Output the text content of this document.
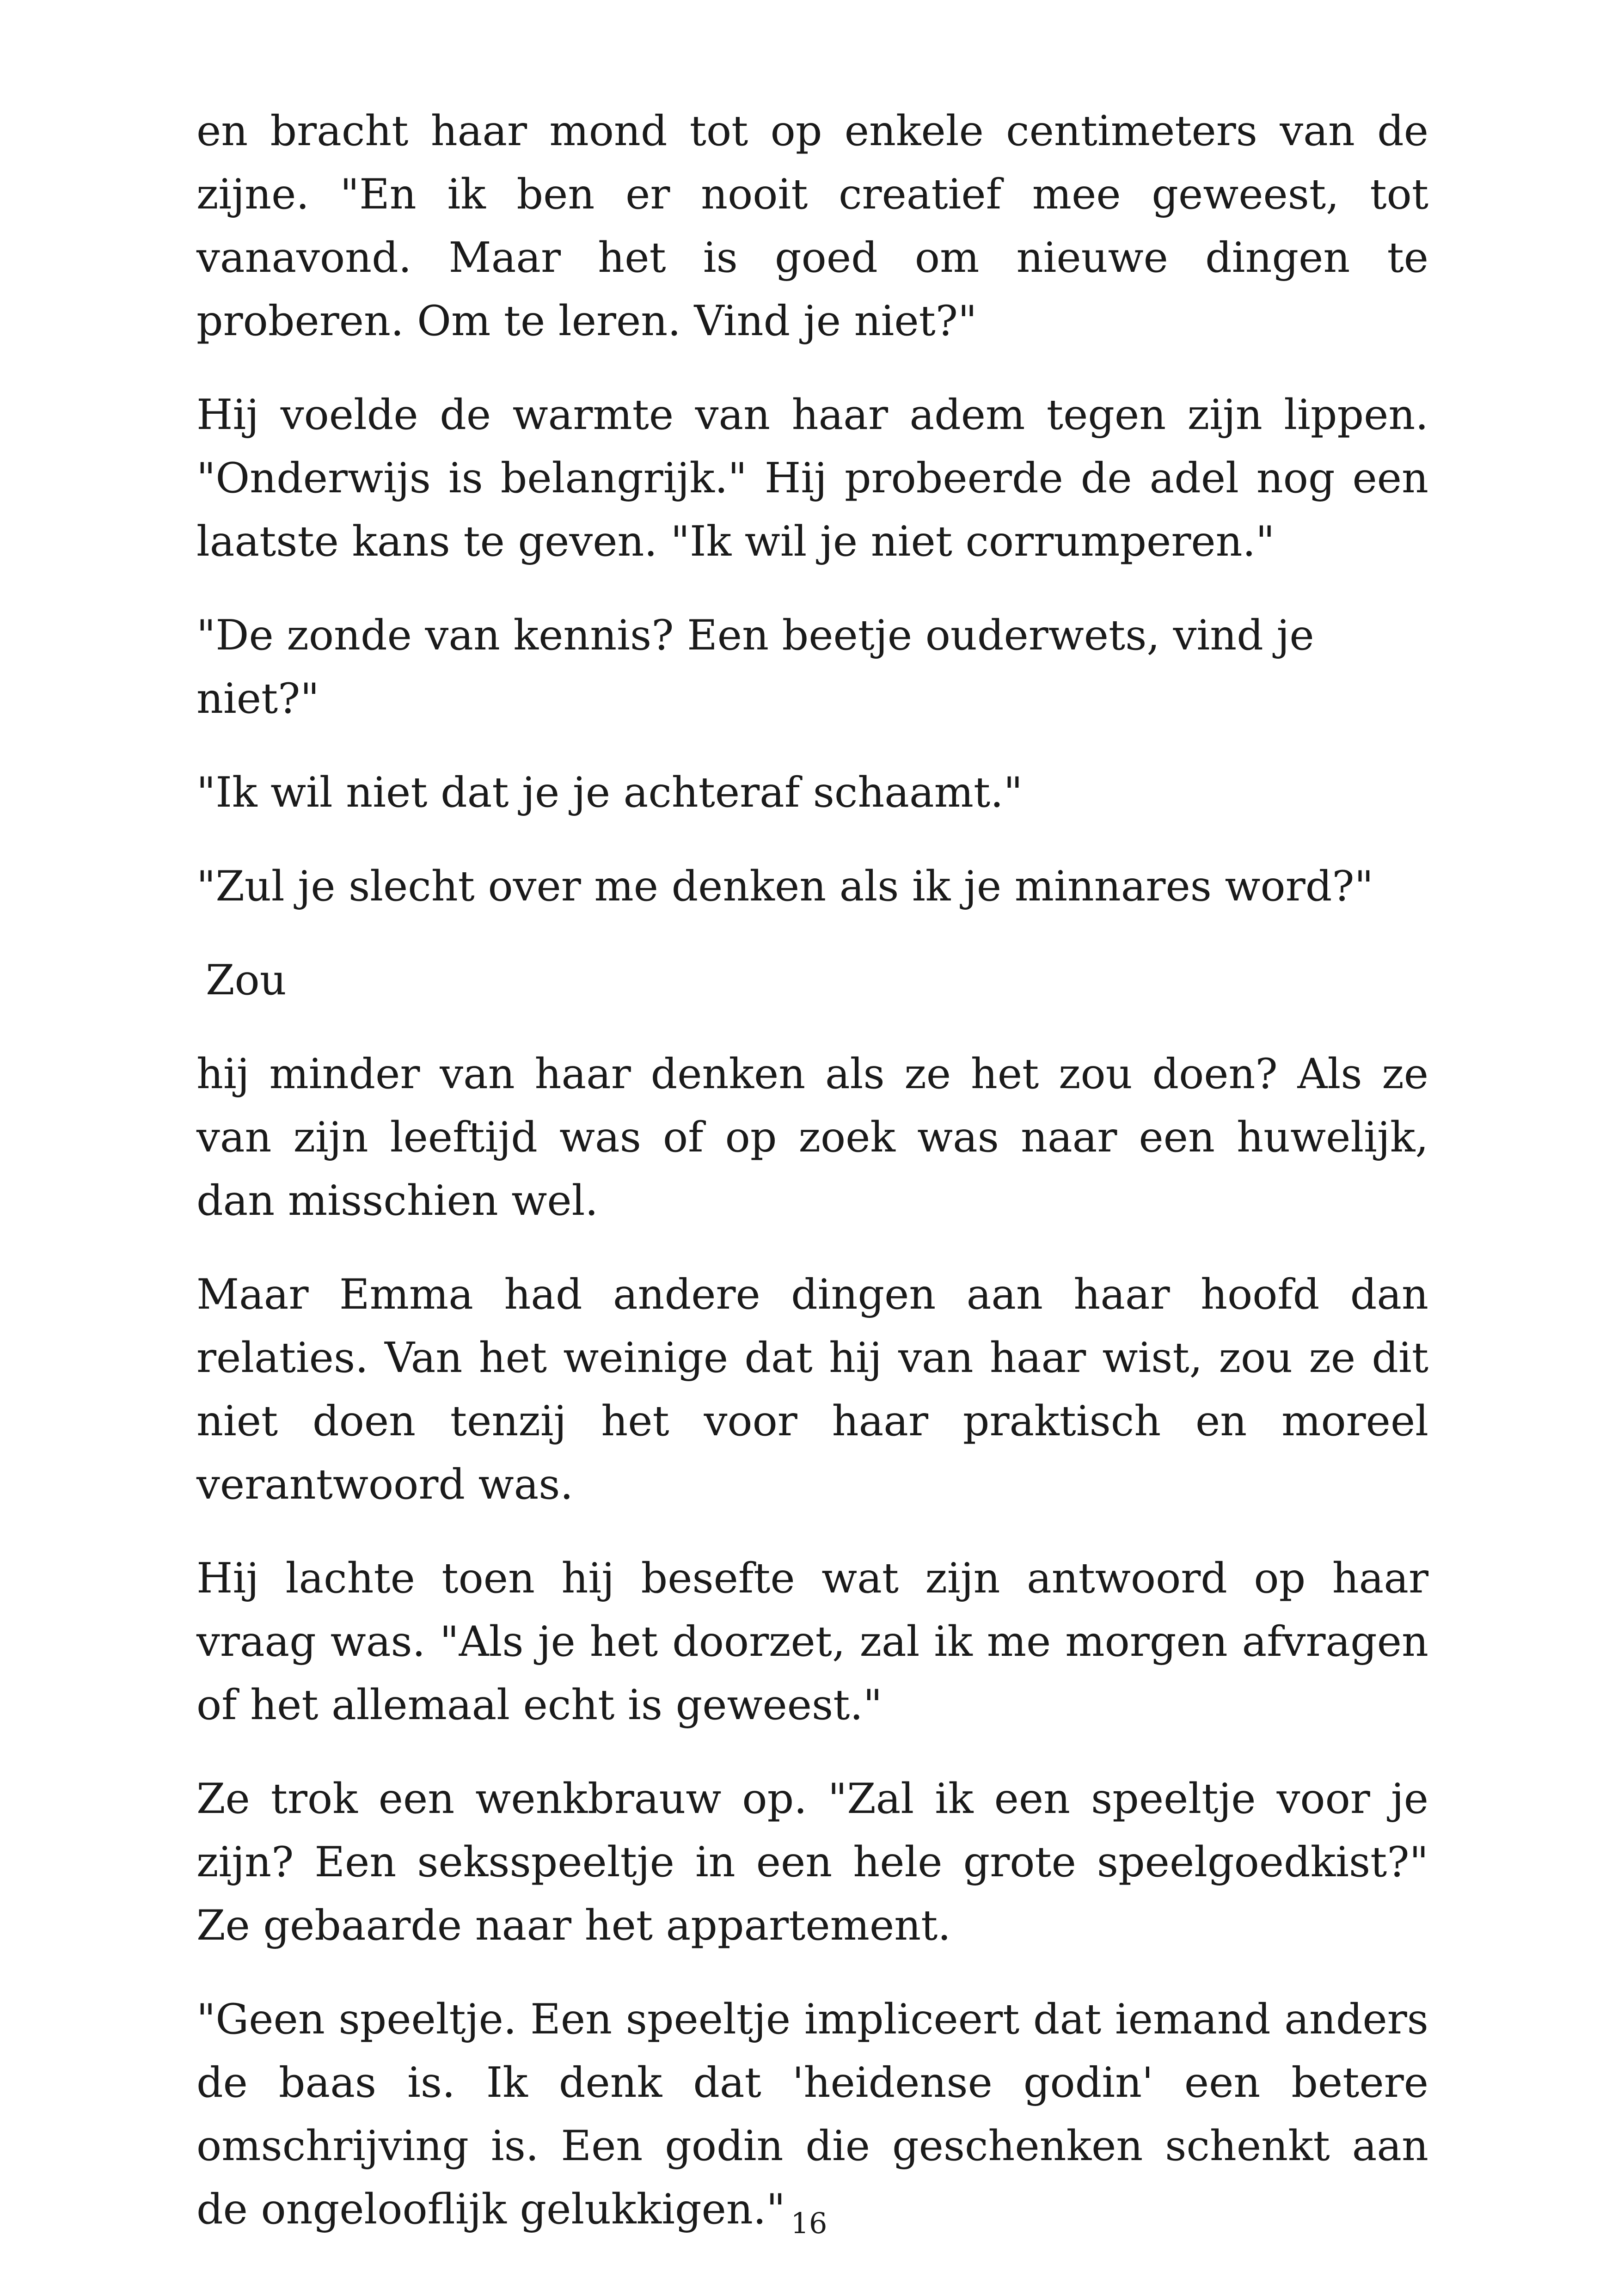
en bracht haar mond tot op enkele centimeters van de zijne. "En ik ben er nooit creatief mee geweest, tot vanavond. Maar het is goed om nieuwe dingen te proberen. Om te leren. Vind je niet?"

Hij voelde de warmte van haar adem tegen zijn lippen. "Onderwijs is belangrijk." Hij probeerde de adel nog een laatste kans te geven. "Ik wil je niet corrumperen."

"De zonde van kennis? Een beetje ouderwets, vind je niet?"

"Ik wil niet dat je je achteraf schaamt."

"Zul je slecht over me denken als ik je minnares word?"

Zou

hij minder van haar denken als ze het zou doen? Als ze van zijn leeftijd was of op zoek was naar een huwelijk, dan misschien wel.

Maar Emma had andere dingen aan haar hoofd dan relaties. Van het weinige dat hij van haar wist, zou ze dit niet doen tenzij het voor haar praktisch en moreel verantwoord was.

Hij lachte toen hij besefte wat zijn antwoord op haar vraag was. "Als je het doorzet, zal ik me morgen afvragen of het allemaal echt is geweest."

Ze trok een wenkbrauw op. "Zal ik een speeltje voor je zijn? Een seksspeeltje in een hele grote speelgoedkist?" Ze gebaarde naar het appartement.

"Geen speeltje. Een speeltje impliceert dat iemand anders de baas is. Ik denk dat 'heidense godin' een betere omschrijving is. Een godin die geschenken schenkt aan de ongelooflijk gelukkigen." 16
